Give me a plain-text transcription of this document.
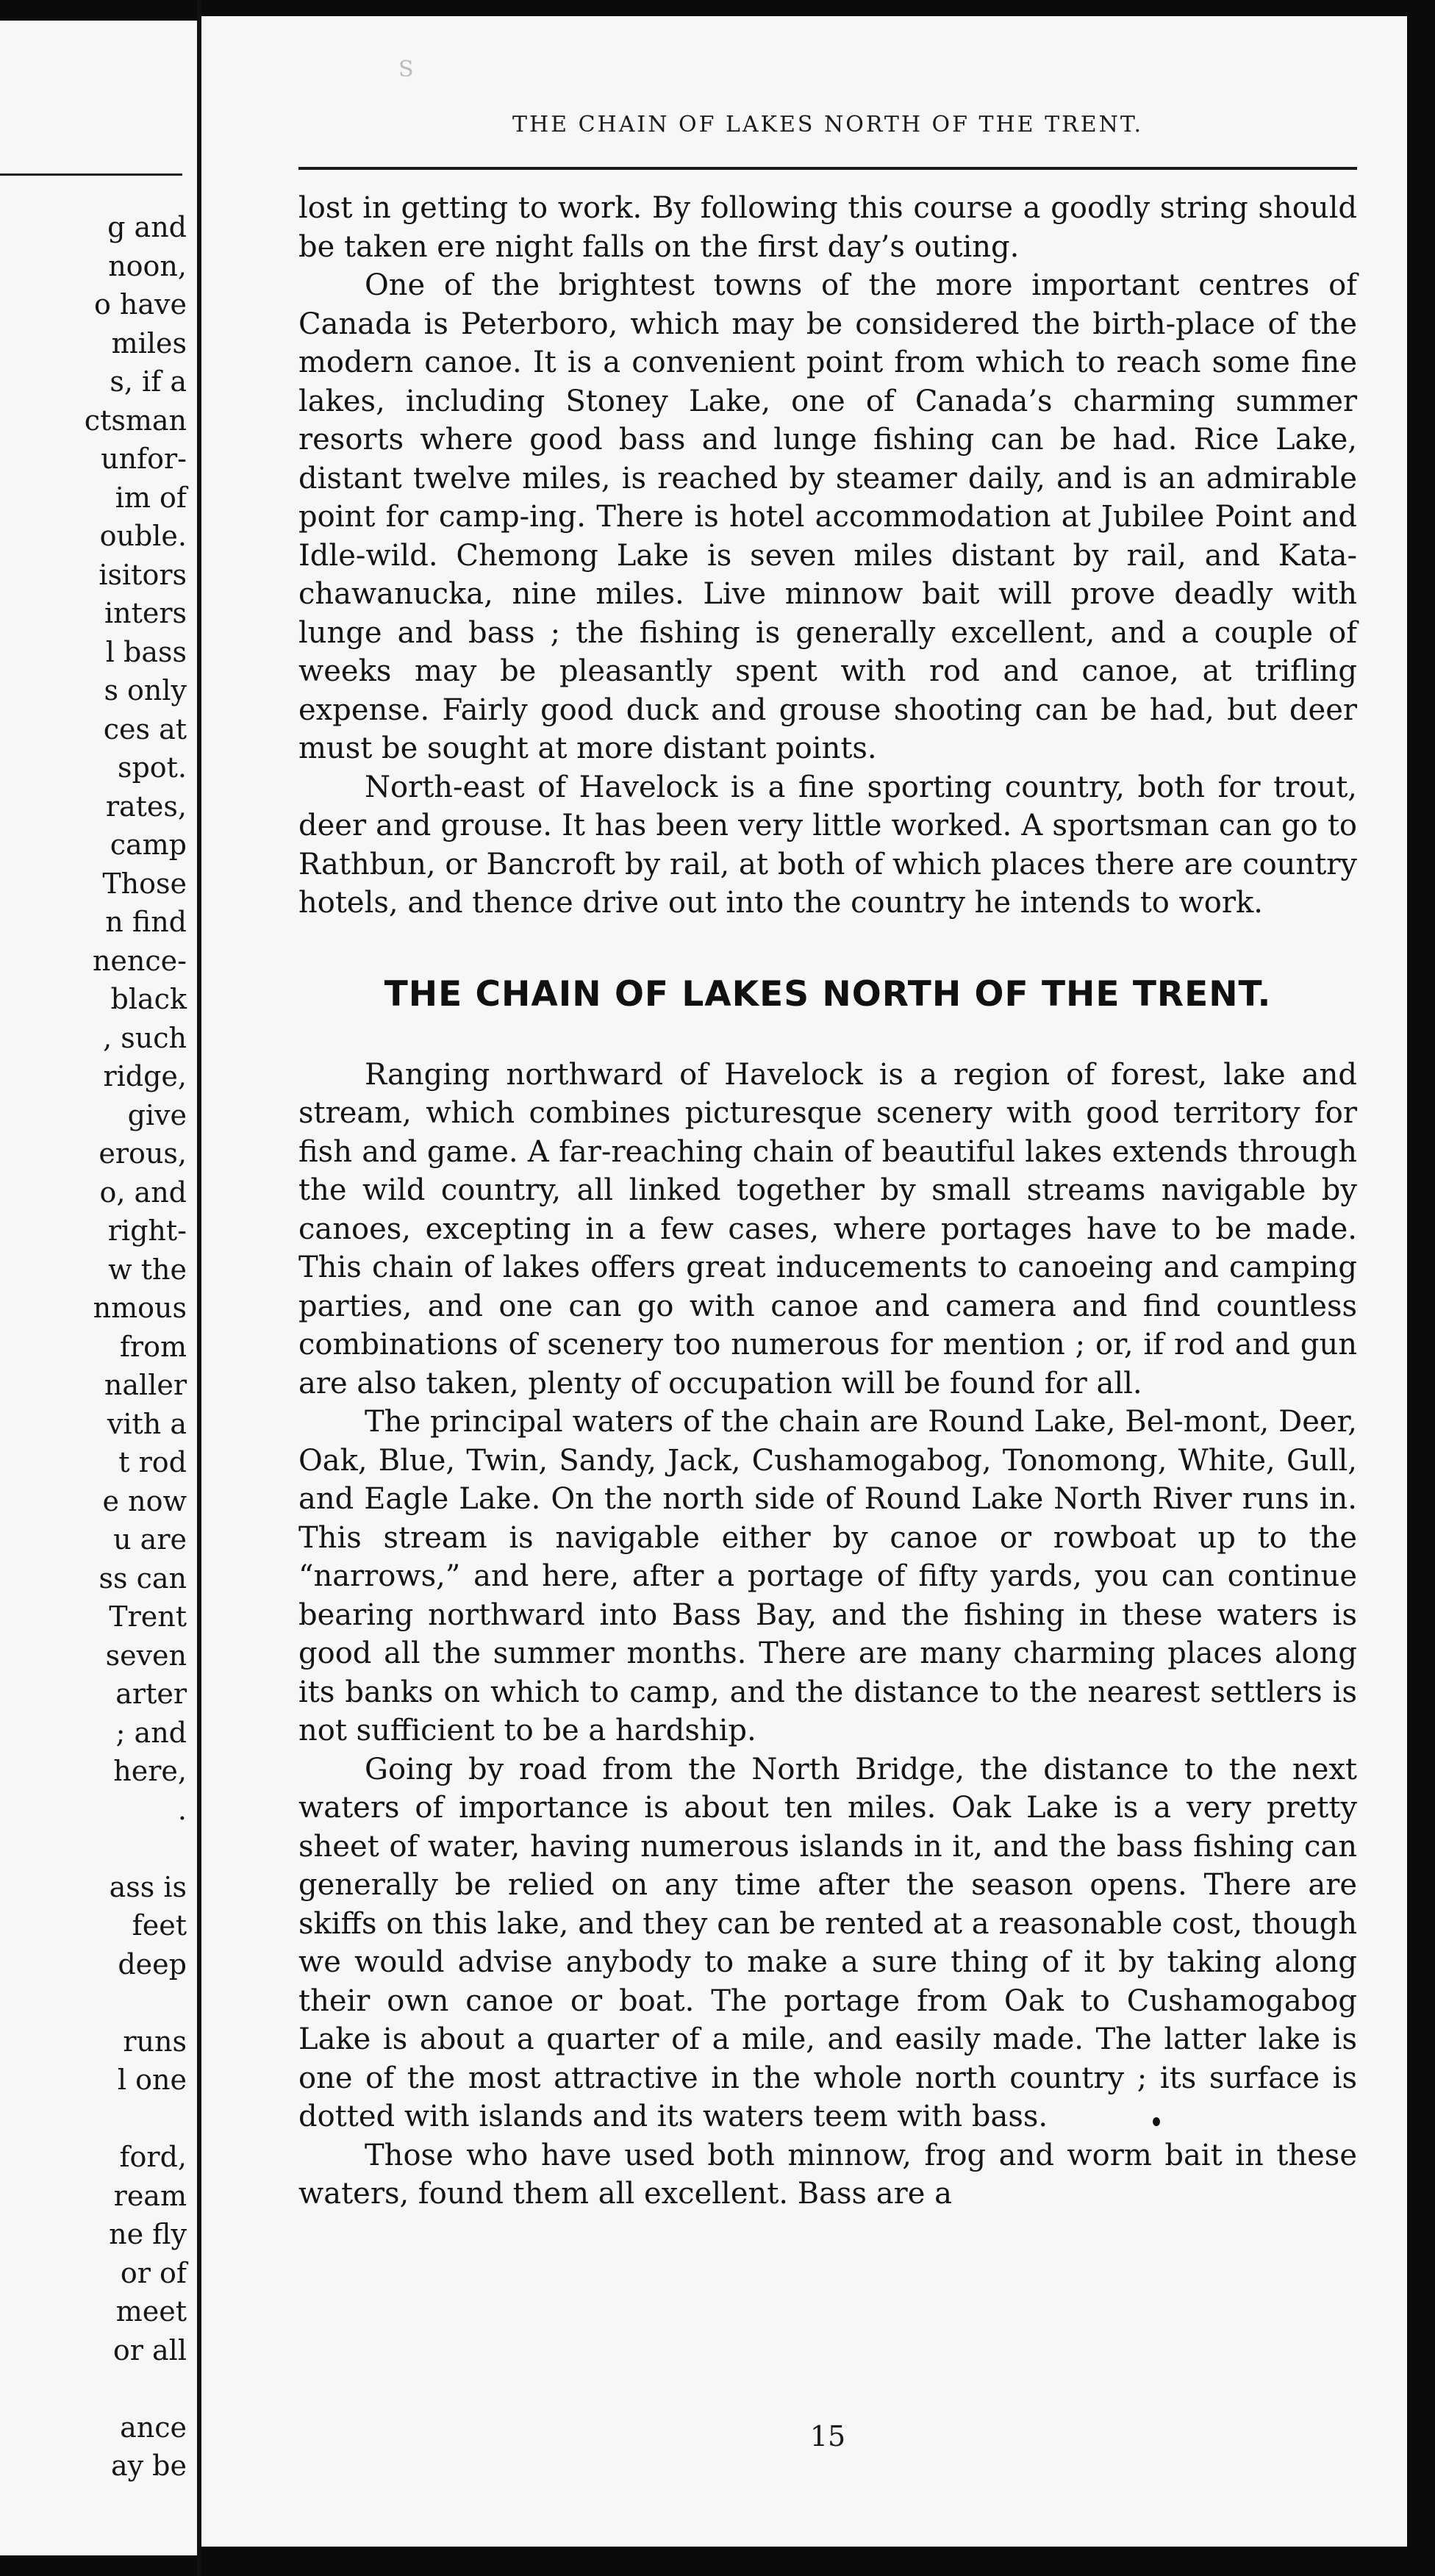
g and
noon,
o have
miles
s, if a
ctsman
unfor-
im of
ouble.
isitors
inters
l bass
s only
ces at
spot.
rates,
camp
Those
n find
nence-
black
, such
ridge,
give
erous,
o, and
right-
w the
nmous
from
naller
vith a
t rod
e now
u are
ss can
Trent
seven
arter
; and
here,
.
ass is
feet
deep
runs
l one
ford,
ream
ne fly
or of
meet
or all
ance
ay be
S
THE CHAIN OF LAKES NORTH OF THE TRENT.
lost in getting to work. By following this course a goodly string should be taken ere night falls on the first day’s outing.
One of the brightest towns of the more important centres of Canada is Peterboro, which may be considered the birth-place of the modern canoe. It is a convenient point from which to reach some fine lakes, including Stoney Lake, one of Canada’s charming summer resorts where good bass and lunge fishing can be had. Rice Lake, distant twelve miles, is reached by steamer daily, and is an admirable point for camp-ing. There is hotel accommodation at Jubilee Point and Idle-wild. Chemong Lake is seven miles distant by rail, and Kata-chawanucka, nine miles. Live minnow bait will prove deadly with lunge and bass ; the fishing is generally excellent, and a couple of weeks may be pleasantly spent with rod and canoe, at trifling expense. Fairly good duck and grouse shooting can be had, but deer must be sought at more distant points.
North-east of Havelock is a fine sporting country, both for trout, deer and grouse. It has been very little worked. A sportsman can go to Rathbun, or Bancroft by rail, at both of which places there are country hotels, and thence drive out into the country he intends to work.
THE CHAIN OF LAKES NORTH OF THE TRENT.
Ranging northward of Havelock is a region of forest, lake and stream, which combines picturesque scenery with good territory for fish and game. A far-reaching chain of beautiful lakes extends through the wild country, all linked together by small streams navigable by canoes, excepting in a few cases, where portages have to be made. This chain of lakes offers great inducements to canoeing and camping parties, and one can go with canoe and camera and find countless combinations of scenery too numerous for mention ; or, if rod and gun are also taken, plenty of occupation will be found for all.
The principal waters of the chain are Round Lake, Bel-mont, Deer, Oak, Blue, Twin, Sandy, Jack, Cushamogabog, Tonomong, White, Gull, and Eagle Lake. On the north side of Round Lake North River runs in. This stream is navigable either by canoe or rowboat up to the “narrows,” and here, after a portage of fifty yards, you can continue bearing northward into Bass Bay, and the fishing in these waters is good all the summer months. There are many charming places along its banks on which to camp, and the distance to the nearest settlers is not sufficient to be a hardship.
Going by road from the North Bridge, the distance to the next waters of importance is about ten miles. Oak Lake is a very pretty sheet of water, having numerous islands in it, and the bass fishing can generally be relied on any time after the season opens. There are skiffs on this lake, and they can be rented at a reasonable cost, though we would advise anybody to make a sure thing of it by taking along their own canoe or boat. The portage from Oak to Cushamogabog Lake is about a quarter of a mile, and easily made. The latter lake is one of the most attractive in the whole north country ; its surface is dotted with islands and its waters teem with bass.
Those who have used both minnow, frog and worm bait in these waters, found them all excellent. Bass are a
15
